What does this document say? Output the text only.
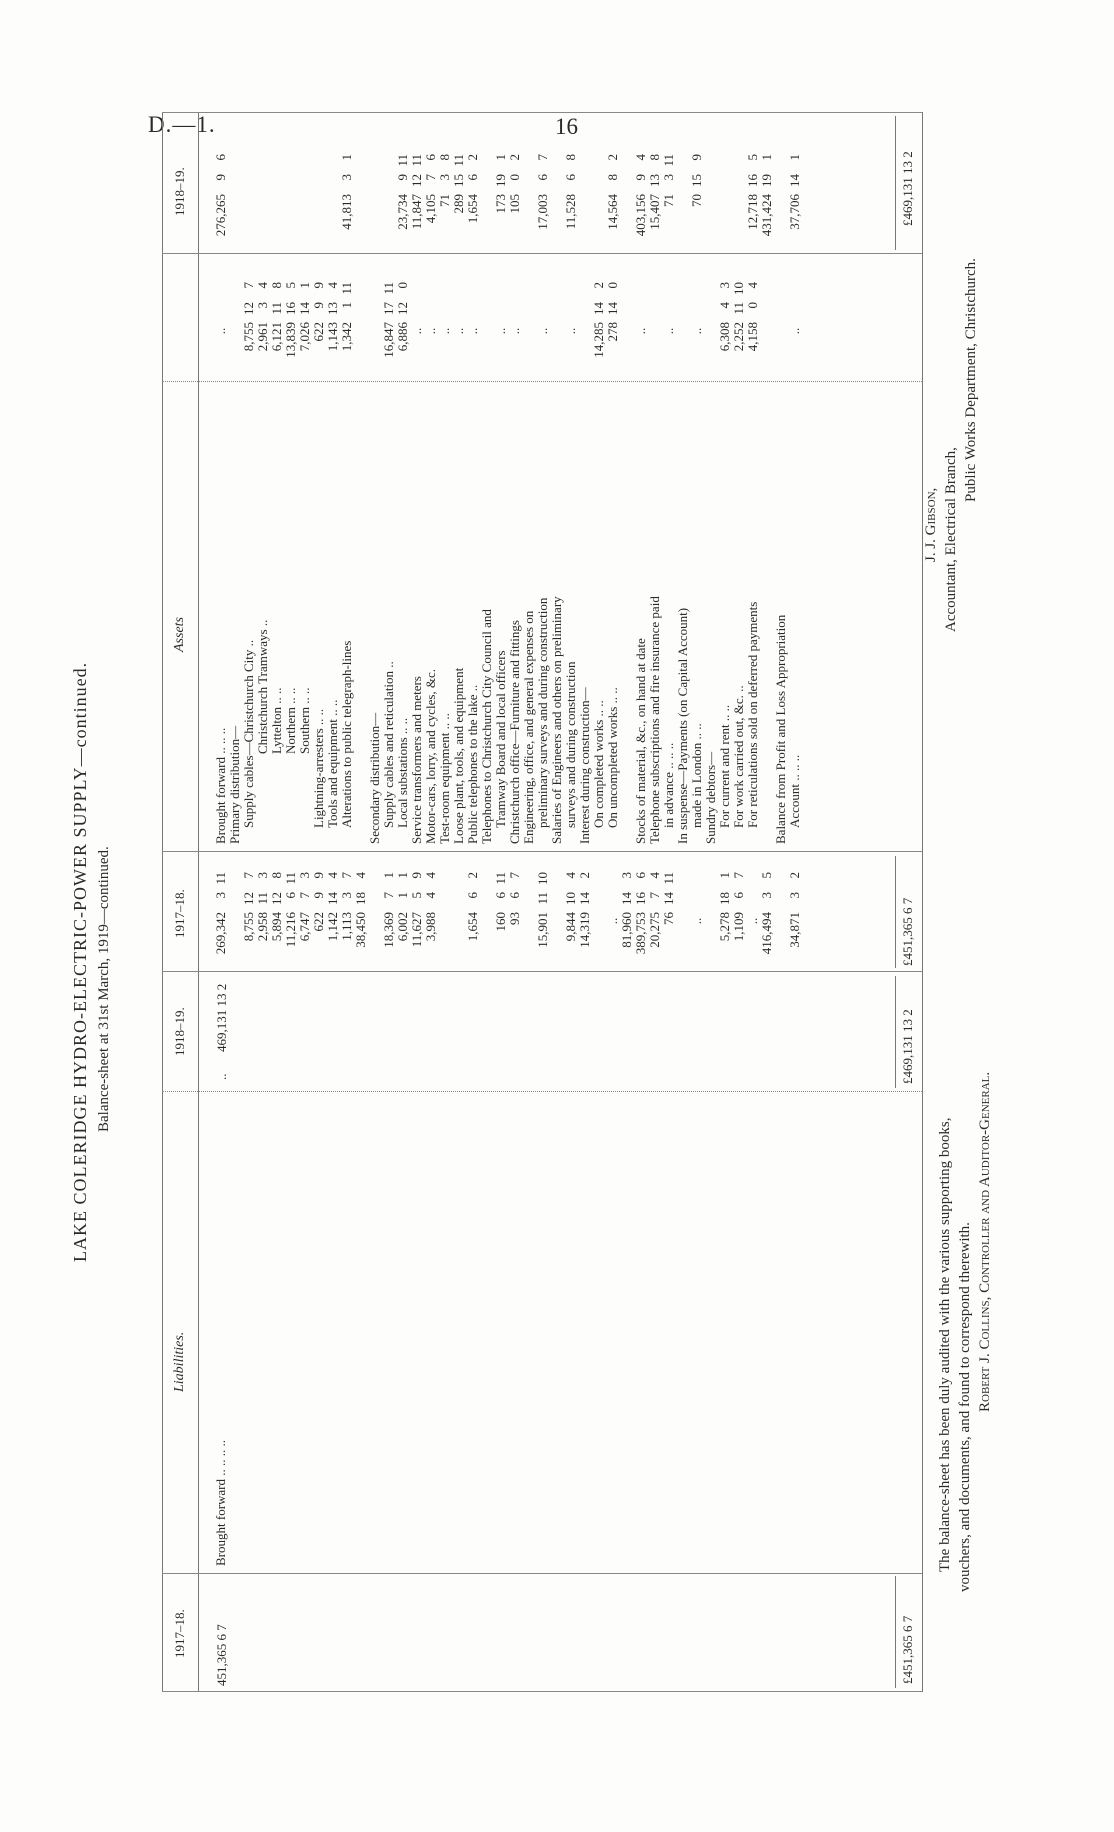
D.—1.	16
LAKE COLERIDGE HYDRO-ELECTRIC-POWER SUPPLY—continued. Balance-sheet at 31st March, 1919—continued.
1917–18.
Liabilities.
1918–19.
1917–18.
Assets
1918–19.
Brought forward .. .. .. ..
451,365 6 7
..
469,131 13 2
Brought forward .. .. .. Primary distribution— Supply cables—Christchurch City .. Christchurch Tramways .. Lyttelton .. .. Northern .. .. Southern .. .. Lightning-arresters .. .. Tools and equipment .. .. Alterations to public telegraph-lines Secondary distribution— Supply cables and reticulation .. Local substations .. .. Service transformers and meters Motor-cars, lorry, and cycles, &c. Test-room equipment .. .. Loose plant, tools, and equipment Public telephones to the lake .. Telephones to Christchurch City Council and Tramway Board and local officers Christchurch office—Furniture and fittings Engineering, office, and general expenses on preliminary surveys and during construction Salaries of Engineers and others on preliminary surveys and during construction Interest during construction— On completed works .. .. On uncompleted works .. .. Stocks of material, &c., on hand at date Telephone subscriptions and fire insurance paid in advance .. .. .. In suspense—Payments (on Capital Account) made in London .. .. Sundry debtors— For current and rent .. .. For work carried out, &c. .. For reticulations sold on deferred payments Balance from Profit and Loss Appropriation Account .. .. ..
269,342
3
11
8,755
12
7
2,958
11
3
5,894
12
8
11,216
6
11
6,747
7
3
622
9
9
1,142
14
4
1,113
3
7
38,450
18
4
18,369
7
1
6,002
1
1
11,627
5
9
3,988
4
4
1,654
6
2
160
6
11
93
6
7
15,901
11
10
9,844
10
4
14,319
14
2
.. 81,960
14
3
389,753
16
6
20,275
7
4
76
14
11
.. 5,278
18
1
1,109
6
7
.. 416,494
3
5
34,871
3
2
.. 8,755
12
7
2,961
3
4
6,121
11
8
13,839
16
5
7,026
14
1
622
9
9
1,143
13
4
1,342
1
11
16,847
17
11
6,886
12
0
.. .. .. .. .. .. .. .. .. 14,285
14
2
278
14
0
.. .. .. 6,308
4
3
2,252
11
10
4,158
0
4
..
276,265
9
6
41,813
3
1
23,734
9
11
11,847
12
11
4,105
7
6
71
3
8
289
15
11
1,654
6
2
173
19
1
105
0
2
17,003
6
7
11,528
6
8
14,564
8
2
403,156
9
4
15,407
13
8
71
3
11
70
15
9
12,718
16
5
431,424
19
1
37,706
14
1
£451,365 6 7
£469,131 13 2
£451,365 6 7
£469,131 13 2
The balance-sheet has been duly audited with the various supporting books, vouchers, and documents, and found to correspond therewith. Robert J. Collins, Controller and Auditor-General.
J. J. Gibson, Accountant, Electrical Branch,
Public Works Department, Christchurch.
